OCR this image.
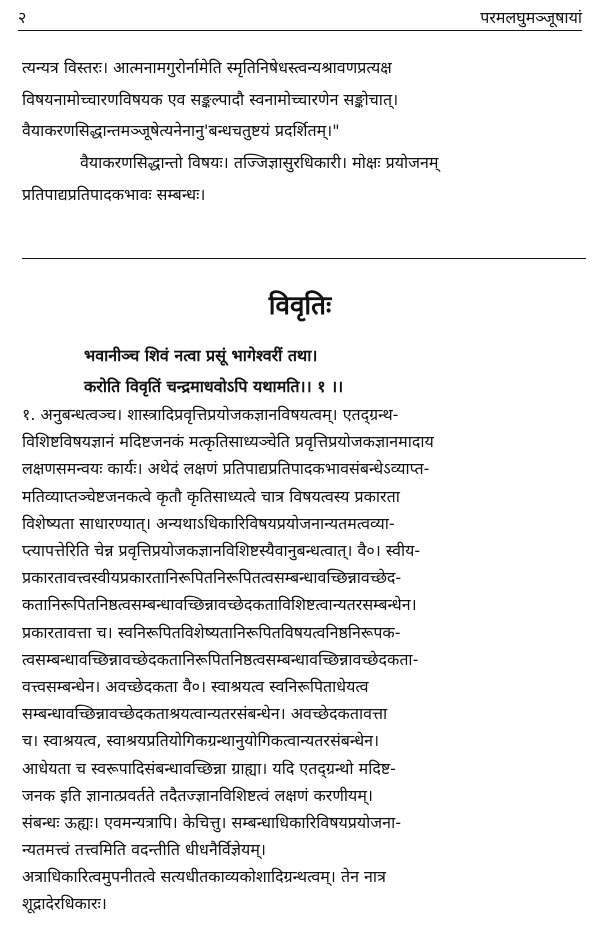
२	परमलघुमञ्जूषायां
त्यन्यत्र विस्तरः। आत्मनामगुरोर्नामेति स्मृतिनिषेधस्त्वन्यश्रावणप्रत्यक्ष
विषयनामोच्चारणविषयक एव सङ्कल्पादौ स्वनामोच्चारणेन सङ्कोचात्।
वैयाकरणसिद्धान्तमञ्जूषेत्यनेनानु'बन्धचतुष्टयं प्रदर्शितम्।"
वैयाकरणसिद्धान्तो विषयः। तज्जिज्ञासुरधिकारी। मोक्षः प्रयोजनम्
प्रतिपाद्यप्रतिपादकभावः सम्बन्धः।
विवृतिः
भवानीञ्च शिवं नत्वा प्रसूं भागेश्वरीं तथा।
करोति विवृतिं चन्द्रमाधवोऽपि यथामति।। १ ।।
१. अनुबन्धत्वञ्च। शास्त्रादिप्रवृत्तिप्रयोजकज्ञानविषयत्वम्। एतद्ग्रन्थ-
विशिष्टविषयज्ञानं मदिष्टजनकं मत्कृतिसाध्यञ्चेति प्रवृत्तिप्रयोजकज्ञानमादाय
लक्षणसमन्वयः कार्यः। अथेदं लक्षणं प्रतिपाद्यप्रतिपादकभावसंबन्धेऽव्याप्त-
मतिव्याप्तञ्चेष्टजनकत्वे कृतौ कृतिसाध्यत्वे चात्र विषयत्वस्य प्रकारता
विशेष्यता साधारण्यात्। अन्यथाऽधिकारिविषयप्रयोजनान्यतमत्वव्या-
प्त्यापत्तेरिति चेन्न प्रवृत्तिप्रयोजकज्ञानविशिष्टस्यैवानुबन्धत्वात्। वै०। स्वीय-
प्रकारतावत्त्वस्वीयप्रकारतानिरूपितनिरूपितत्वसम्बन्धावच्छिन्नावच्छेद-
कतानिरूपितनिष्ठत्वसम्बन्धावच्छिन्नावच्छेदकताविशिष्टत्वान्यतरसम्बन्धेन।
प्रकारतावत्ता च। स्वनिरूपितविशेष्यतानिरूपितविषयत्वनिष्ठनिरूपक-
त्वसम्बन्धावच्छिन्नावच्छेदकतानिरूपितनिष्ठत्वसम्बन्धावच्छिन्नावच्छेदकता-
वत्त्वसम्बन्धेन। अवच्छेदकता वै०। स्वाश्रयत्व स्वनिरूपिताधेयत्व
सम्बन्धावच्छिन्नावच्छेदकताश्रयत्वान्यतरसंबन्धेन। अवच्छेदकतावत्ता
च। स्वाश्रयत्व, स्वाश्रयप्रतियोगिकग्रन्थानुयोगिकत्वान्यतरसंबन्धेन।
आधेयता च स्वरूपादिसंबन्धावच्छिन्ना ग्राह्या। यदि एतद्ग्रन्थो मदिष्ट-
जनक इति ज्ञानात्प्रवर्तते तदैतज्ज्ञानविशिष्टत्वं लक्षणं करणीयम्।
संबन्धः ऊह्यः। एवमन्यत्रापि। केचित्तु। सम्बन्धाधिकारिविषयप्रयोजना-
न्यतमत्त्वं तत्त्वमिति वदन्तीति धीधनैर्विज्ञेयम्।
अत्राधिकारित्वमुपनीतत्वे सत्यधीतकाव्यकोशादिग्रन्थत्वम्। तेन नात्र
शूद्रादेरधिकारः।
